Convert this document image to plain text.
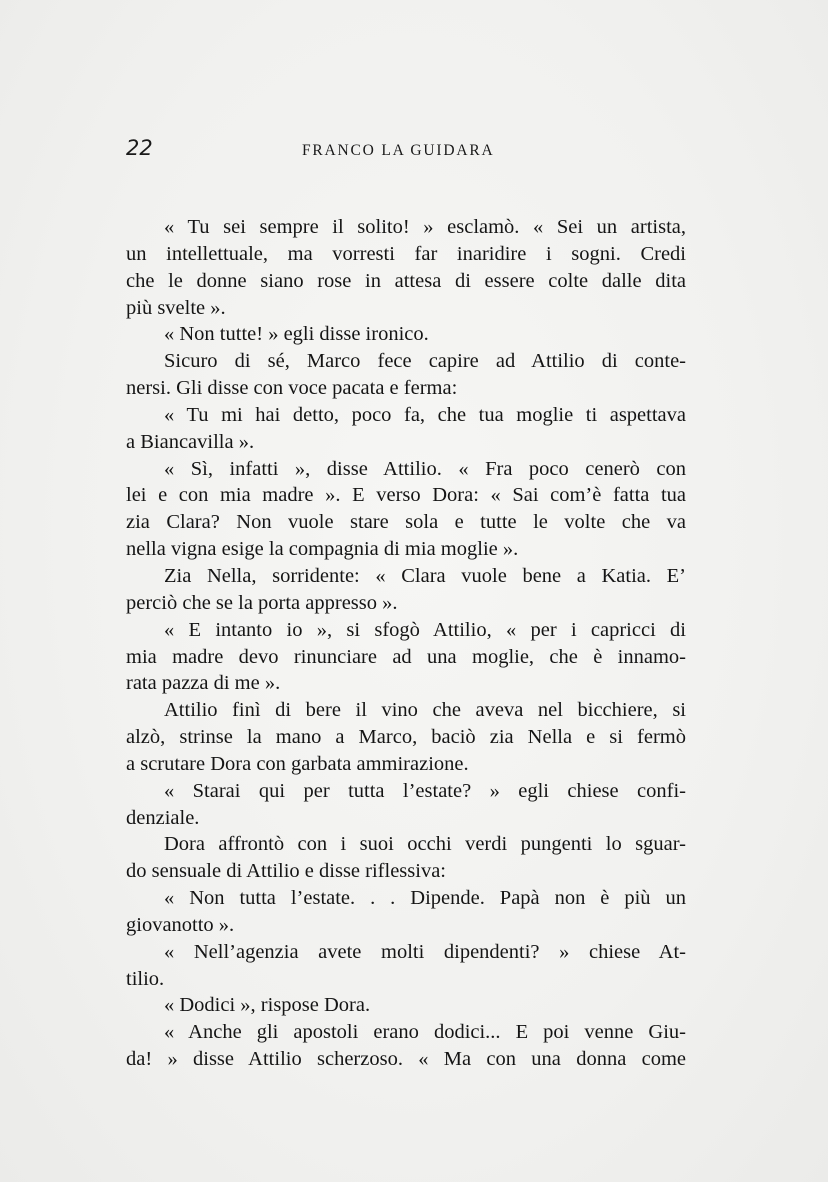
22	FRANCO LA GUIDARA
« Tu sei sempre il solito! » esclamò. « Sei un artista,
un intellettuale, ma vorresti far inaridire i sogni. Credi
che le donne siano rose in attesa di essere colte dalle dita
più svelte ».
« Non tutte! » egli disse ironico.
Sicuro di sé, Marco fece capire ad Attilio di conte-
nersi. Gli disse con voce pacata e ferma:
« Tu mi hai detto, poco fa, che tua moglie ti aspettava
a Biancavilla ».
« Sì, infatti », disse Attilio. « Fra poco cenerò con
lei e con mia madre ». E verso Dora: « Sai com’è fatta tua
zia Clara? Non vuole stare sola e tutte le volte che va
nella vigna esige la compagnia di mia moglie ».
Zia Nella, sorridente: « Clara vuole bene a Katia. E’
perciò che se la porta appresso ».
« E intanto io », si sfogò Attilio, « per i capricci di
mia madre devo rinunciare ad una moglie, che è innamo-
rata pazza di me ».
Attilio finì di bere il vino che aveva nel bicchiere, si
alzò, strinse la mano a Marco, baciò zia Nella e si fermò
a scrutare Dora con garbata ammirazione.
« Starai qui per tutta l’estate? » egli chiese confi-
denziale.
Dora affrontò con i suoi occhi verdi pungenti lo sguar-
do sensuale di Attilio e disse riflessiva:
« Non tutta l’estate. . . Dipende. Papà non è più un
giovanotto ».
« Nell’agenzia avete molti dipendenti? » chiese At-
tilio.
« Dodici », rispose Dora.
« Anche gli apostoli erano dodici... E poi venne Giu-
da! » disse Attilio scherzoso. « Ma con una donna come
